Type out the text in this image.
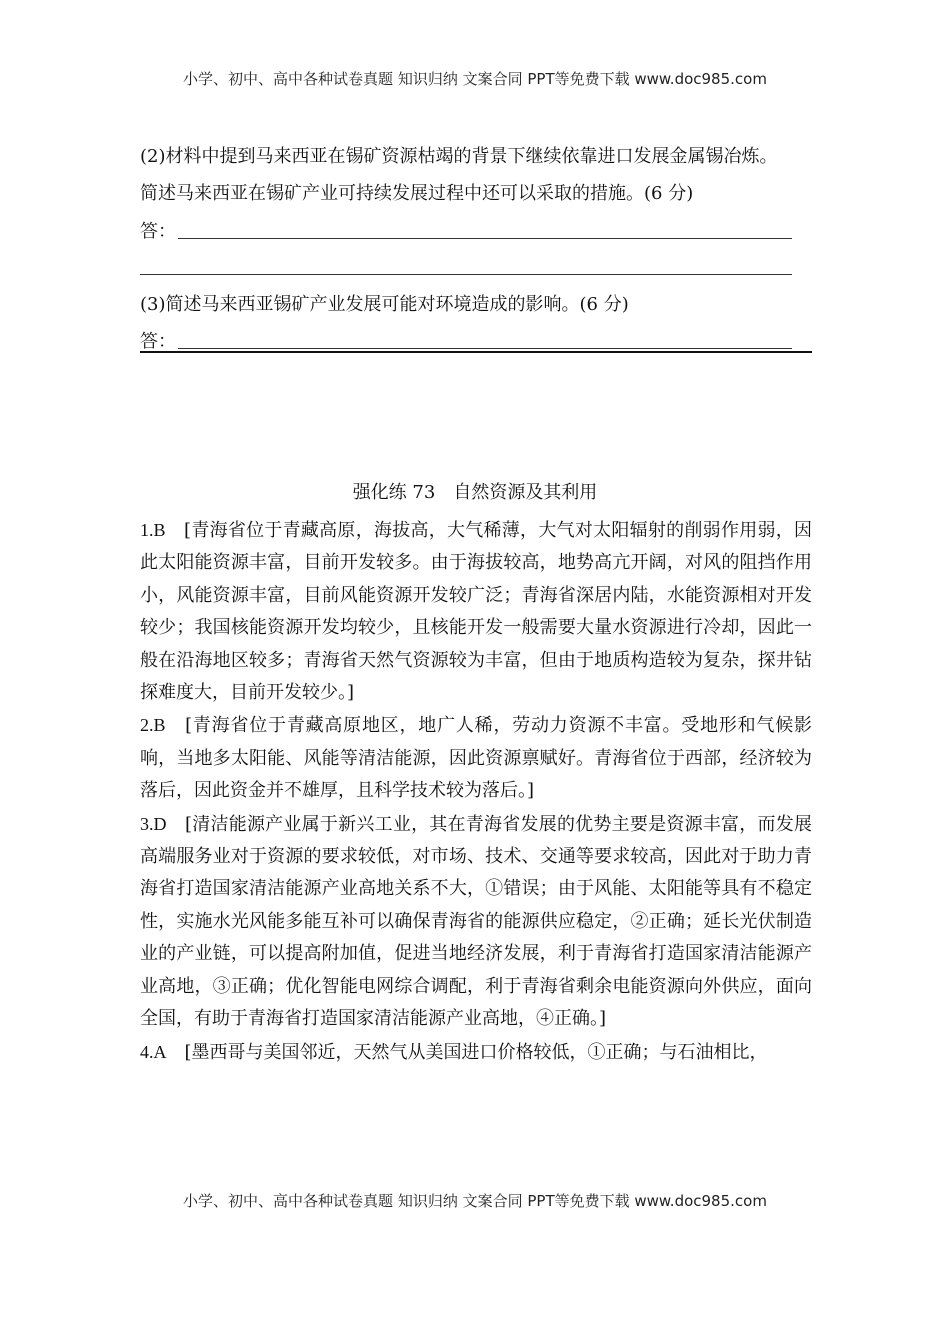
小学、初中、高中各种试卷真题 知识归纳 文案合同 PPT等免费下载 www.doc985.com
(2)材料中提到马来西亚在锡矿资源枯竭的背景下继续依靠进口发展金属锡冶炼。
简述马来西亚在锡矿产业可持续发展过程中还可以采取的措施。(6 分)
答：
(3)简述马来西亚锡矿产业发展可能对环境造成的影响。(6 分)
答：
强化练 73　自然资源及其利用
1.B　 [青海省位于青藏高原，海拔高，大气稀薄，大气对太阳辐射的削弱作用弱，因此太阳能资源丰富，目前开发较多。由于海拔较高，地势高亢开阔，对风的阻挡作用小，风能资源丰富，目前风能资源开发较广泛；青海省深居内陆，水能资源相对开发较少；我国核能资源开发均较少，且核能开发一般需要大量水资源进行冷却，因此一般在沿海地区较多；青海省天然气资源较为丰富，但由于地质构造较为复杂，探井钻探难度大，目前开发较少。]
2.B　 [青海省位于青藏高原地区，地广人稀，劳动力资源不丰富。受地形和气候影响，当地多太阳能、风能等清洁能源，因此资源禀赋好。青海省位于西部，经济较为落后，因此资金并不雄厚，且科学技术较为落后。]
3.D　 [清洁能源产业属于新兴工业，其在青海省发展的优势主要是资源丰富，而发展高端服务业对于资源的要求较低，对市场、技术、交通等要求较高，因此对于助力青海省打造国家清洁能源产业高地关系不大，①错误；由于风能、太阳能等具有不稳定性，实施水光风能多能互补可以确保青海省的能源供应稳定，②正确；延长光伏制造业的产业链，可以提高附加值，促进当地经济发展，利于青海省打造国家清洁能源产业高地，③正确；优化智能电网综合调配，利于青海省剩余电能资源向外供应，面向全国，有助于青海省打造国家清洁能源产业高地，④正确。]
4.A　 [墨西哥与美国邻近，天然气从美国进口价格较低，①正确；与石油相比，
小学、初中、高中各种试卷真题 知识归纳 文案合同 PPT等免费下载 www.doc985.com
